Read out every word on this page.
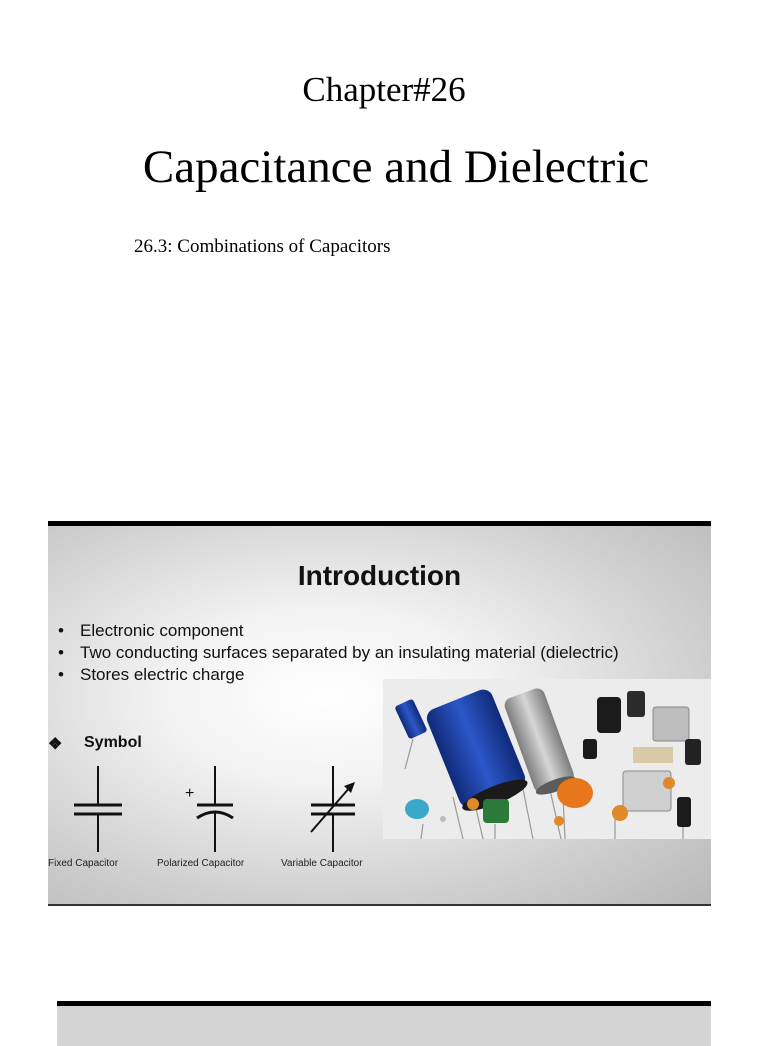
Chapter#26
Capacitance and Dielectric
26.3: Combinations of Capacitors
Introduction
• Electronic component
• Two conducting surfaces separated by an insulating material (dielectric)
• Stores electric charge
❖ Symbol
+
Fixed Capacitor	Polarized Capacitor	Variable Capacitor
